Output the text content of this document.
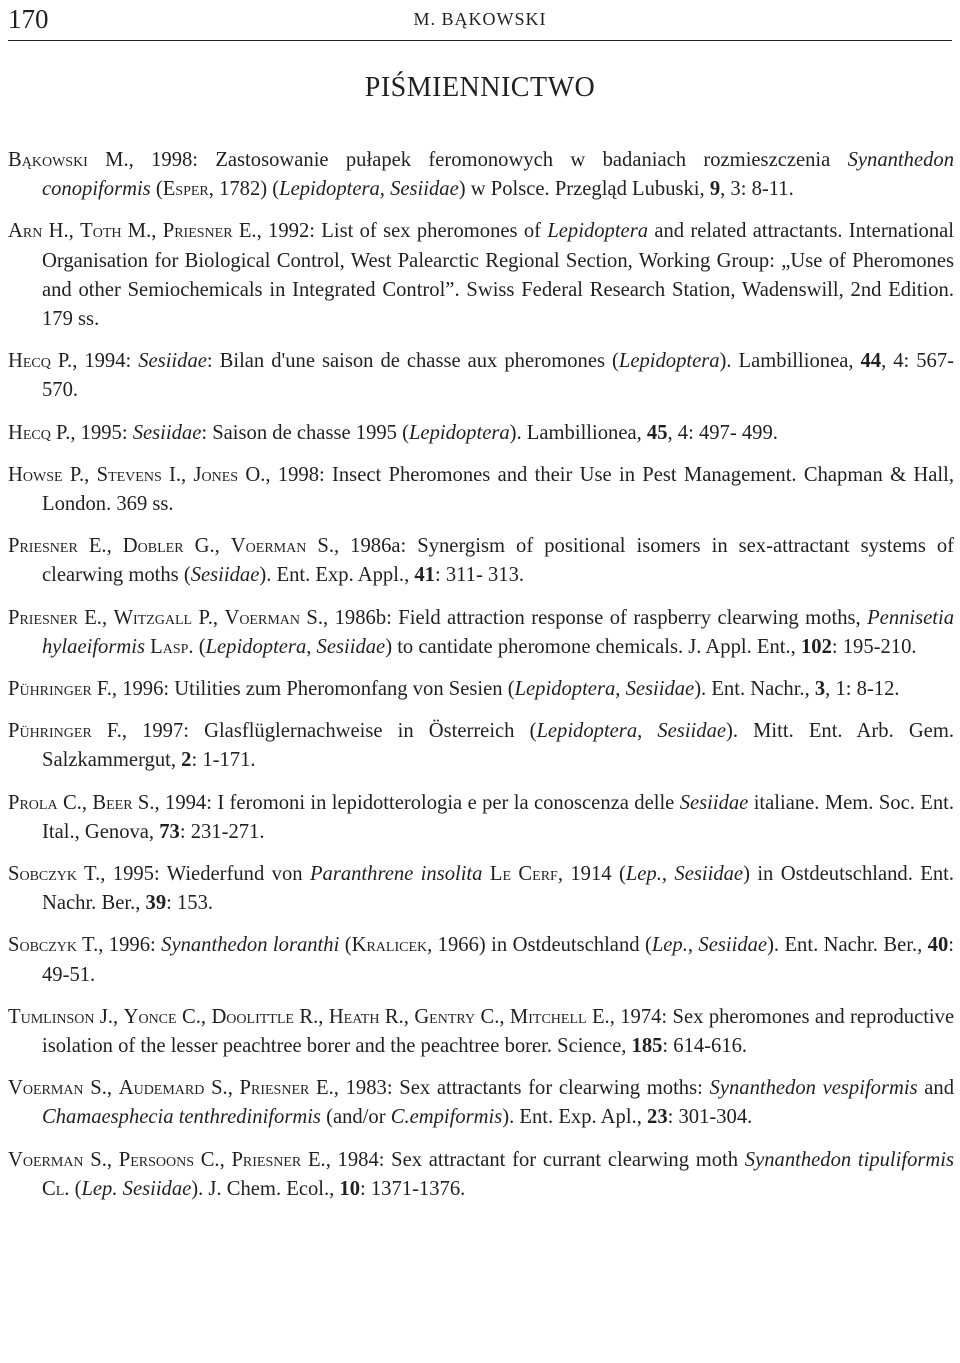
170	M. BĄKOWSKI
PIŚMIENNICTWO

Bąkowski M., 1998: Zastosowanie pułapek feromonowych w badaniach rozmieszczenia Synanthedon conopiformis (Esper, 1782) (Lepidoptera, Sesiidae) w Polsce. Przegląd Lubuski, 9, 3: 8-11.

Arn H., Toth M., Priesner E., 1992: List of sex pheromones of Lepidoptera and related attractants. International Organisation for Biological Control, West Palearctic Regional Section, Working Group: „Use of Pheromones and other Semiochemicals in Integrated Control”. Swiss Federal Research Station, Wadenswill, 2nd Edition. 179 ss.

Hecq P., 1994: Sesiidae: Bilan d'une saison de chasse aux pheromones (Lepidoptera). Lambillionea, 44, 4: 567-570.

Hecq P., 1995: Sesiidae: Saison de chasse 1995 (Lepidoptera). Lambillionea, 45, 4: 497- 499.

Howse P., Stevens I., Jones O., 1998: Insect Pheromones and their Use in Pest Management. Chapman & Hall, London. 369 ss.

Priesner E., Dobler G., Voerman S., 1986a: Synergism of positional isomers in sex-attractant systems of clearwing moths (Sesiidae). Ent. Exp. Appl., 41: 311- 313.

Priesner E., Witzgall P., Voerman S., 1986b: Field attraction response of raspberry clearwing moths, Pennisetia hylaeiformis Lasp. (Lepidoptera, Sesiidae) to cantidate pheromone chemicals. J. Appl. Ent., 102: 195-210.

Pühringer F., 1996: Utilities zum Pheromonfang von Sesien (Lepidoptera, Sesiidae). Ent. Nachr., 3, 1: 8-12.

Pühringer F., 1997: Glasflüglernachweise in Österreich (Lepidoptera, Sesiidae). Mitt. Ent. Arb. Gem. Salzkammergut, 2: 1-171.

Prola C., Beer S., 1994: I feromoni in lepidotterologia e per la conoscenza delle Sesiidae italiane. Mem. Soc. Ent. Ital., Genova, 73: 231-271.

Sobczyk T., 1995: Wiederfund von Paranthrene insolita Le Cerf, 1914 (Lep., Sesiidae) in Ostdeutschland. Ent. Nachr. Ber., 39: 153.

Sobczyk T., 1996: Synanthedon loranthi (Kralicek, 1966) in Ostdeutschland (Lep., Sesiidae). Ent. Nachr. Ber., 40: 49-51.

Tumlinson J., Yonce C., Doolittle R., Heath R., Gentry C., Mitchell E., 1974: Sex pheromones and reproductive isolation of the lesser peachtree borer and the peachtree borer. Science, 185: 614-616.

Voerman S., Audemard S., Priesner E., 1983: Sex attractants for clearwing moths: Synanthedon vespiformis and Chamaesphecia tenthrediniformis (and/or C.empiformis). Ent. Exp. Apl., 23: 301-304.

Voerman S., Persoons C., Priesner E., 1984: Sex attractant for currant clearwing moth Synanthedon tipuliformis Cl. (Lep. Sesiidae). J. Chem. Ecol., 10: 1371-1376.
